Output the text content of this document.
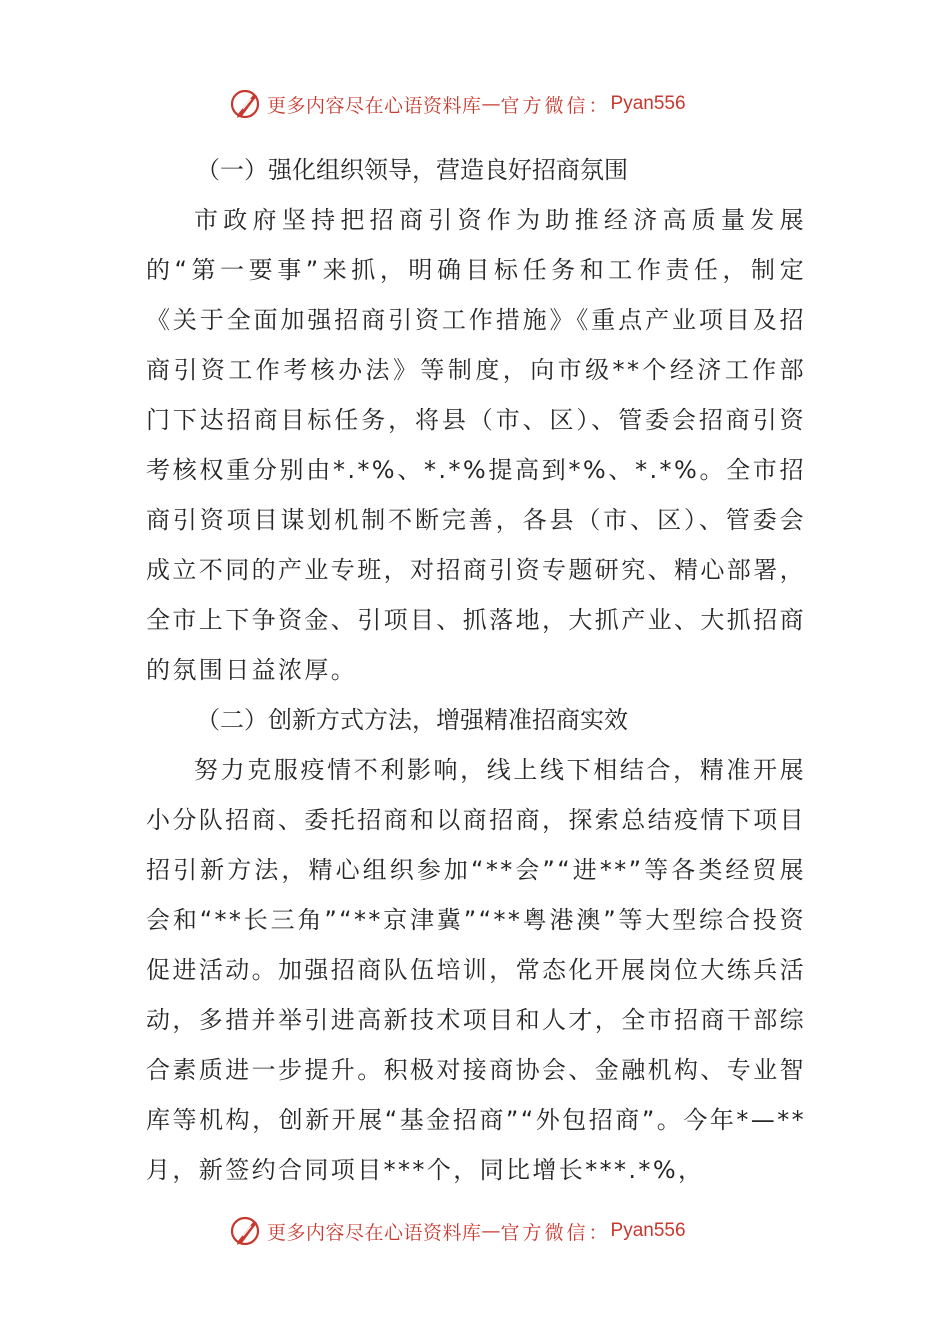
更多内容尽在心语资料库 — 官方微信： Pyan556

（一）强化组织领导，营造良好招商氛围

市政府坚持把招商引资作为助推经济高质量发展的“第一要事”来抓，明确目标任务和工作责任，制定《关于全面加强招商引资工作措施》《重点产业项目及招商引资工作考核办法》等制度，向市级**个经济工作部门下达招商目标任务，将县（市、区）、管委会招商引资考核权重分别由*.*%、*.*%提高到*%、*.*%。全市招商引资项目谋划机制不断完善，各县（市、区）、管委会成立不同的产业专班，对招商引资专题研究、精心部署，全市上下争资金、引项目、抓落地，大抓产业、大抓招商的氛围日益浓厚。

（二）创新方式方法，增强精准招商实效

努力克服疫情不利影响，线上线下相结合，精准开展小分队招商、委托招商和以商招商，探索总结疫情下项目招引新方法，精心组织参加“**会”“进**”等各类经贸展会和“**长三角”“**京津冀”“**粤港澳”等大型综合投资促进活动。加强招商队伍培训，常态化开展岗位大练兵活动，多措并举引进高新技术项目和人才，全市招商干部综合素质进一步提升。积极对接商协会、金融机构、专业智库等机构，创新开展“基金招商”“外包招商”。今年*—**月，新签约合同项目***个，同比增长***.*%，

更多内容尽在心语资料库 — 官方微信： Pyan556
